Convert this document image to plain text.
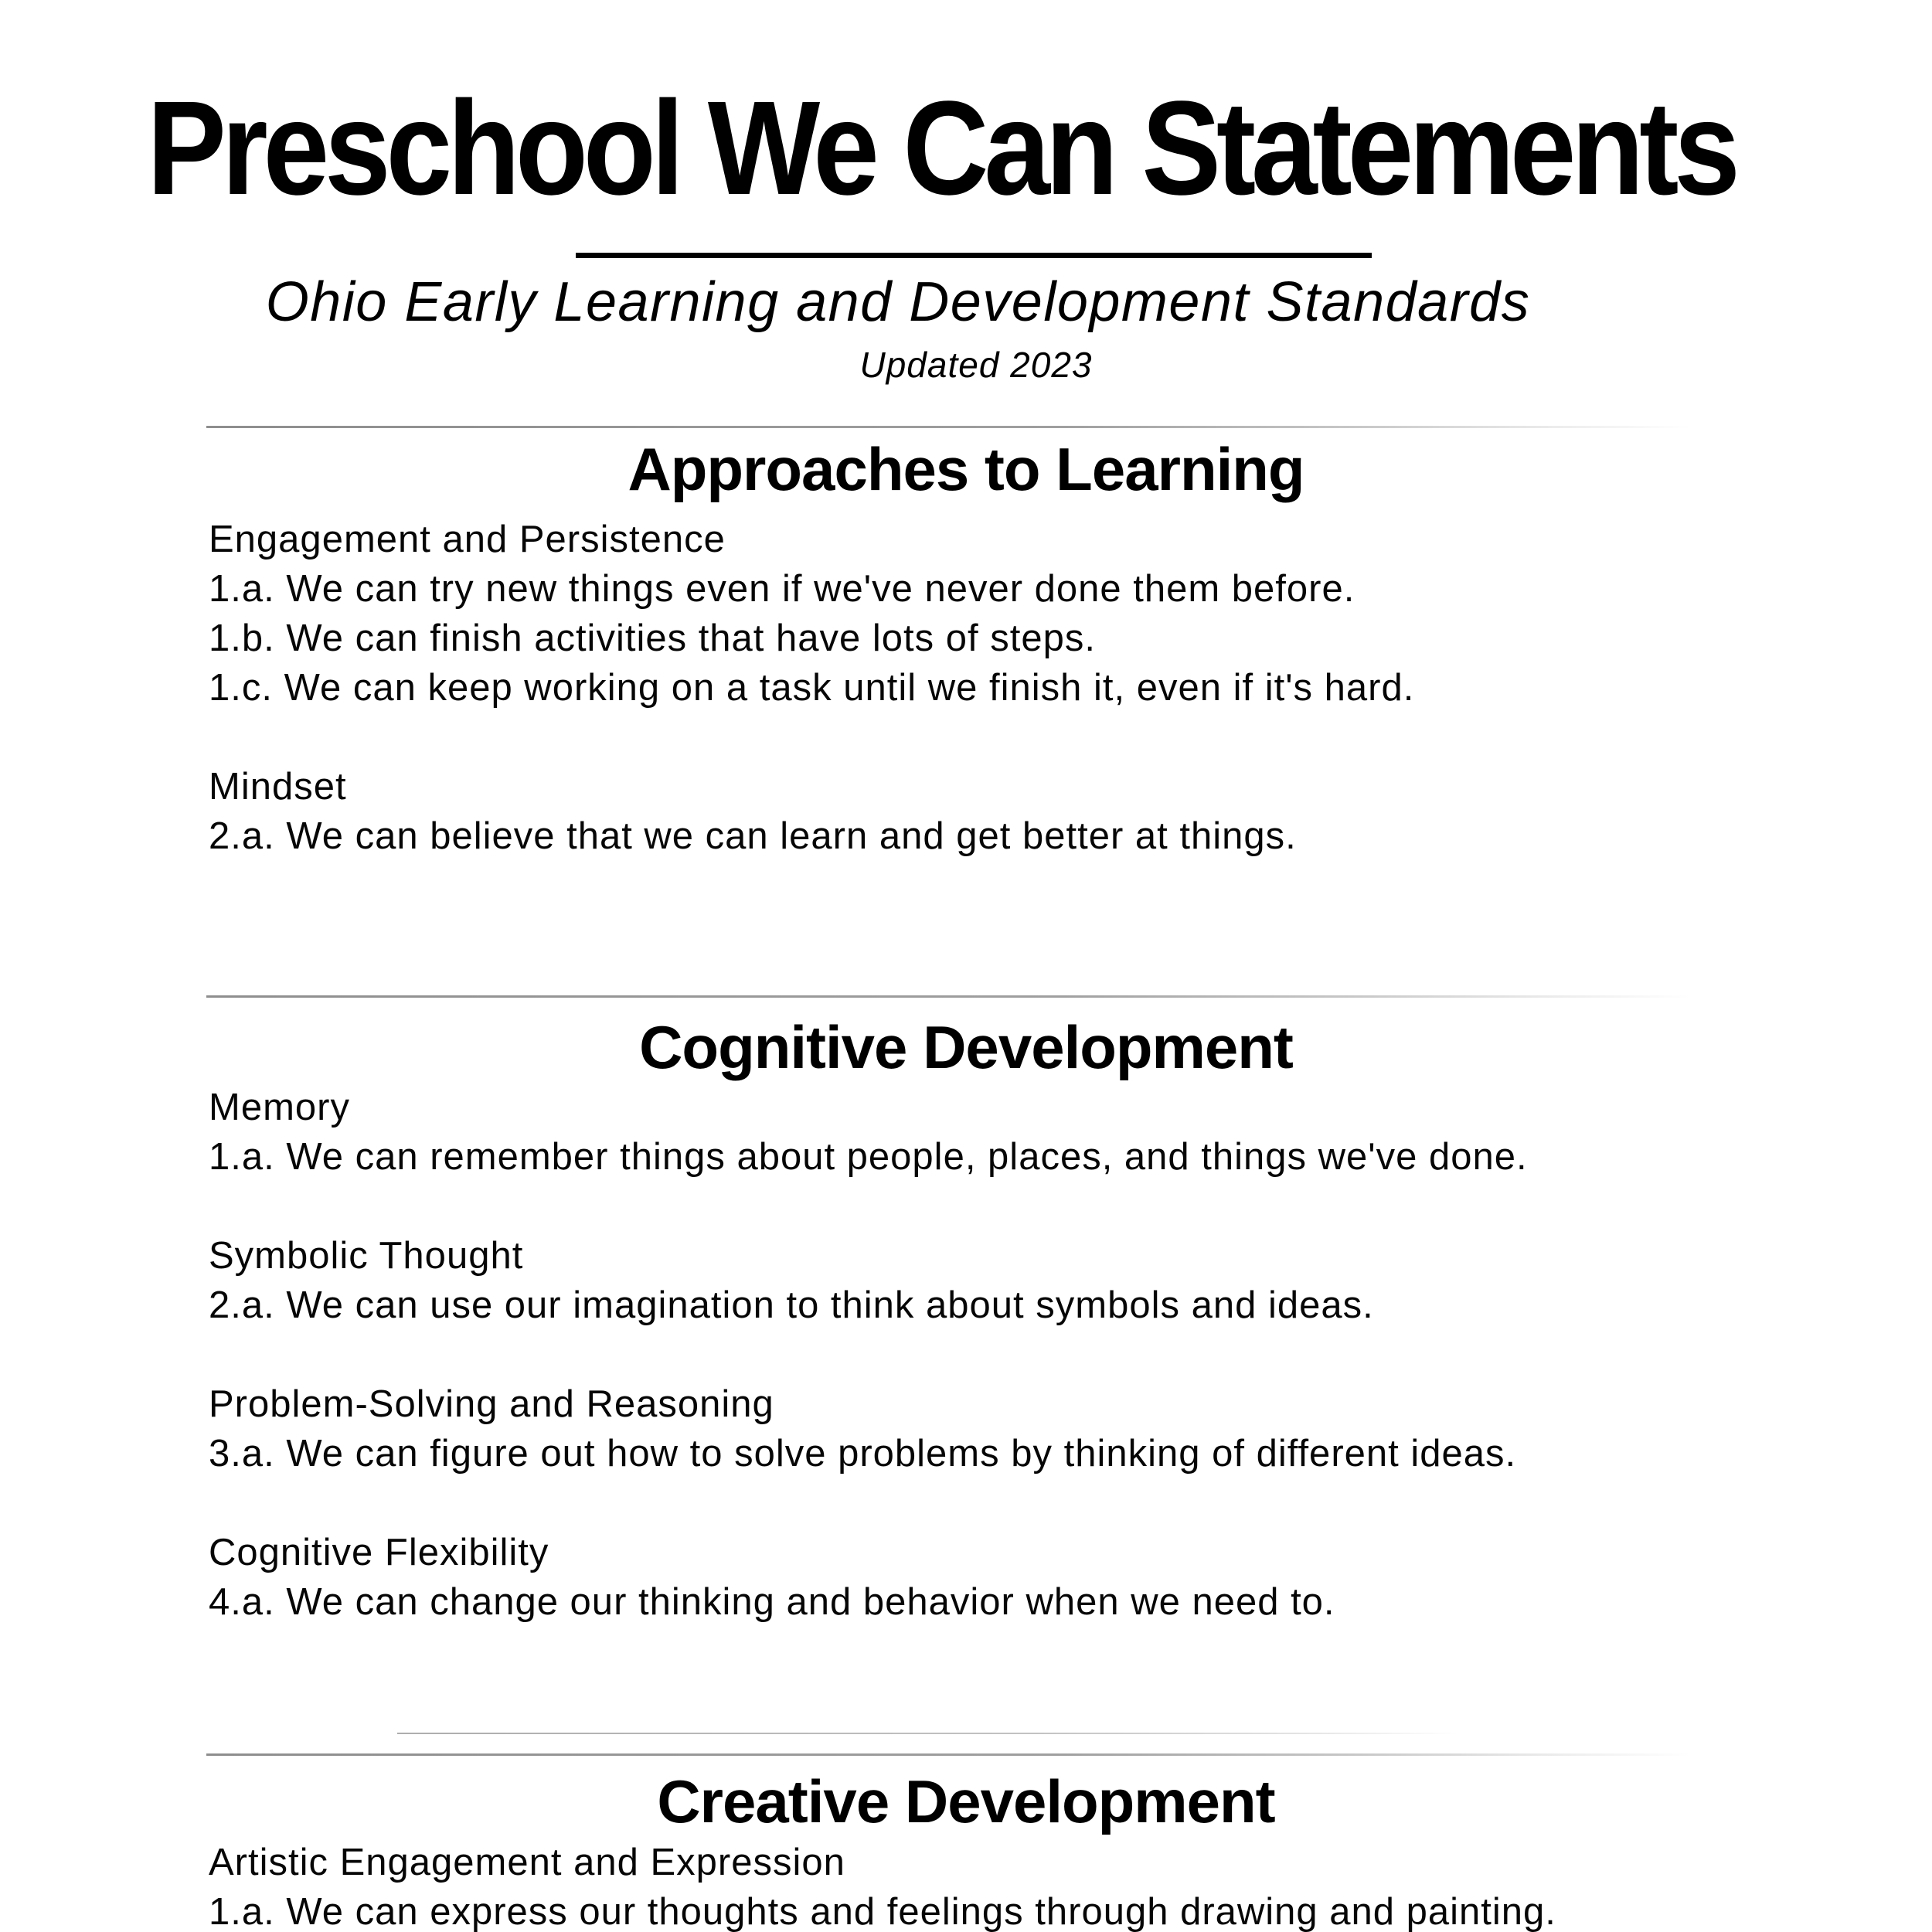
Preschool We Can Statements
Ohio Early Learning and Development Standards
Updated 2023
Approaches to Learning
Engagement and Persistence
1.a. We can try new things even if we've never done them before.
1.b. We can finish activities that have lots of steps.
1.c. We can keep working on a task until we finish it, even if it's hard.
Mindset
2.a. We can believe that we can learn and get better at things.
Cognitive Development
Memory
1.a. We can remember things about people, places, and things we've done.
Symbolic Thought
2.a. We can use our imagination to think about symbols and ideas.
Problem-Solving and Reasoning
3.a. We can figure out how to solve problems by thinking of different ideas.
Cognitive Flexibility
4.a. We can change our thinking and behavior when we need to.
Creative Development
Artistic Engagement and Expression
1.a. We can express our thoughts and feelings through drawing and painting.
